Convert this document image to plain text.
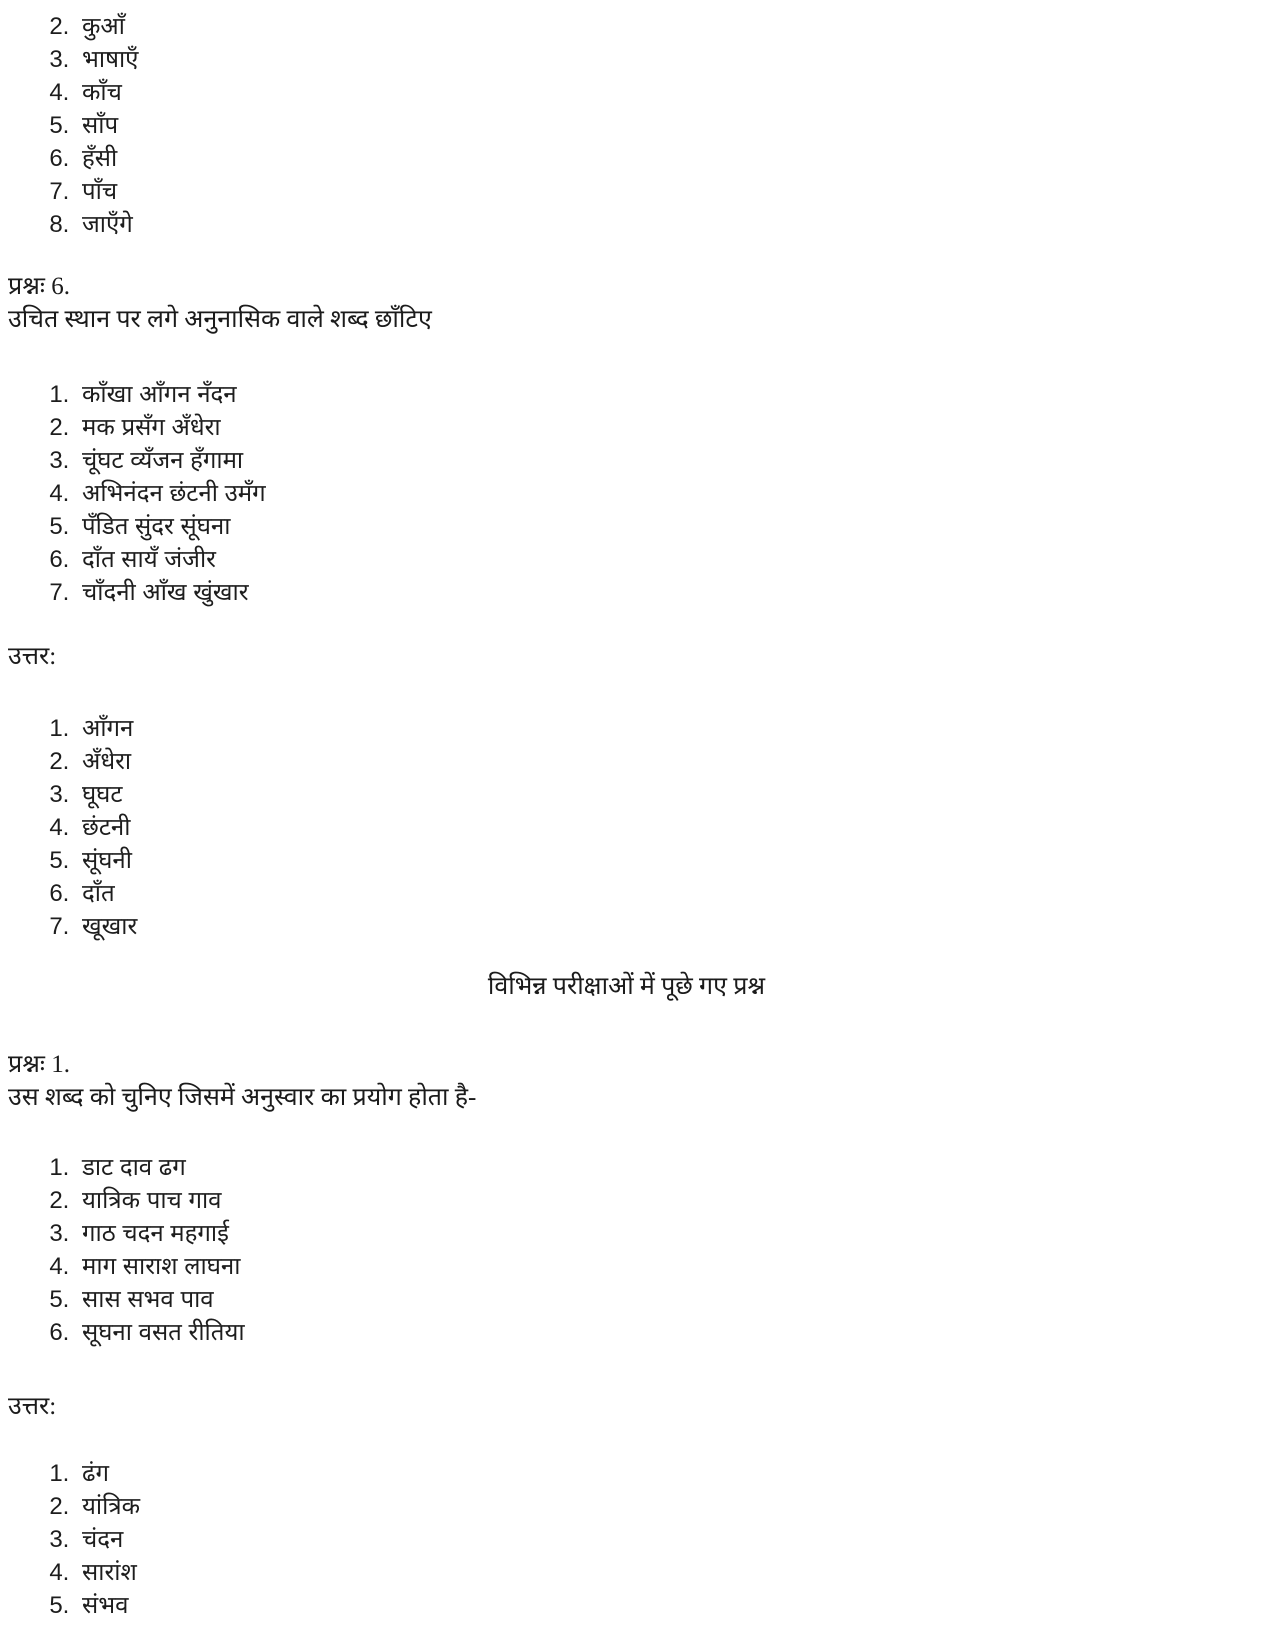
2. कुआँ
3. भाषाएँ
4. काँच
5. साँप
6. हँसी
7. पाँच
8. जाएँगे

प्रश्नः 6.

उचित स्थान पर लगे अनुनासिक वाले शब्द छाँटिए

1. काँखा आँगन नँदन
2. मक प्रसँग अँधेरा
3. चूंघट व्यँजन हँगामा
4. अभिनंदन छंटनी उमँग
5. पँडित सुंदर सूंघना
6. दाँत सायँ जंजीर
7. चाँदनी आँख खुंखार

उत्तर:

1. आँगन
2. अँधेरा
3. घूघट
4. छंटनी
5. सूंघनी
6. दाँत
7. खूखार
विभिन्न परीक्षाओं में पूछे गए प्रश्न

प्रश्नः 1.

उस शब्द को चुनिए जिसमें अनुस्वार का प्रयोग होता है-

1. डाट दाव ढग
2. यात्रिक पाच गाव
3. गाठ चदन महगाई
4. माग साराश लाघना
5. सास सभव पाव
6. सूघना वसत रीतिया

उत्तर:

1. ढंग
2. यांत्रिक
3. चंदन
4. सारांश
5. संभव
